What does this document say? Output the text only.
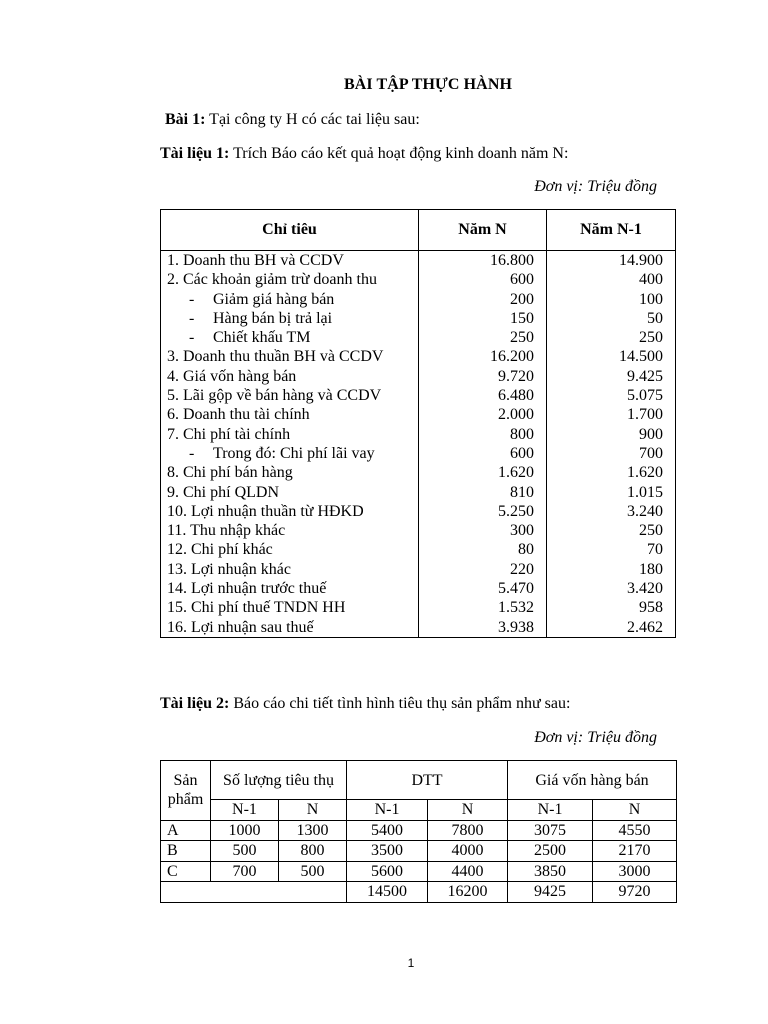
BÀI TẬP THỰC HÀNH
Bài 1: Tại công ty H có các tai liệu sau:
Tài liệu 1: Trích Báo cáo kết quả hoạt động kinh doanh năm N:
Đơn vị: Triệu đồng
Chỉ tiêu	Năm N	Năm N-1
1. Doanh thu BH và CCDV	16.800	14.900
2. Các khoản giảm trừ doanh thu	600	400
- Giảm giá hàng bán	200	100
- Hàng bán bị trả lại	150	50
- Chiết khấu TM	250	250
3. Doanh thu thuần BH và CCDV	16.200	14.500
4. Giá vốn hàng bán	9.720	9.425
5. Lãi gộp về bán hàng và CCDV	6.480	5.075
6. Doanh thu tài chính	2.000	1.700
7. Chi phí tài chính	800	900
- Trong đó: Chi phí lãi vay	600	700
8. Chi phí bán hàng	1.620	1.620
9. Chi phí QLDN	810	1.015
10. Lợi nhuận thuần từ HĐKD	5.250	3.240
11. Thu nhập khác	300	250
12. Chi phí khác	80	70
13. Lợi nhuận khác	220	180
14. Lợi nhuận trước thuế	5.470	3.420
15. Chi phí thuế TNDN HH	1.532	958
16. Lợi nhuận sau thuế	3.938	2.462
Tài liệu 2: Báo cáo chi tiết tình hình tiêu thụ sản phẩm như sau:
Đơn vị: Triệu đồng
Sản phẩm	Số lượng tiêu thụ		DTT		Giá vốn hàng bán	
	N-1	N	N-1	N	N-1	N
A	1000	1300	5400	7800	3075	4550
B	500	800	3500	4000	2500	2170
C	700	500	5600	4400	3850	3000
			14500	16200	9425	9720
1
